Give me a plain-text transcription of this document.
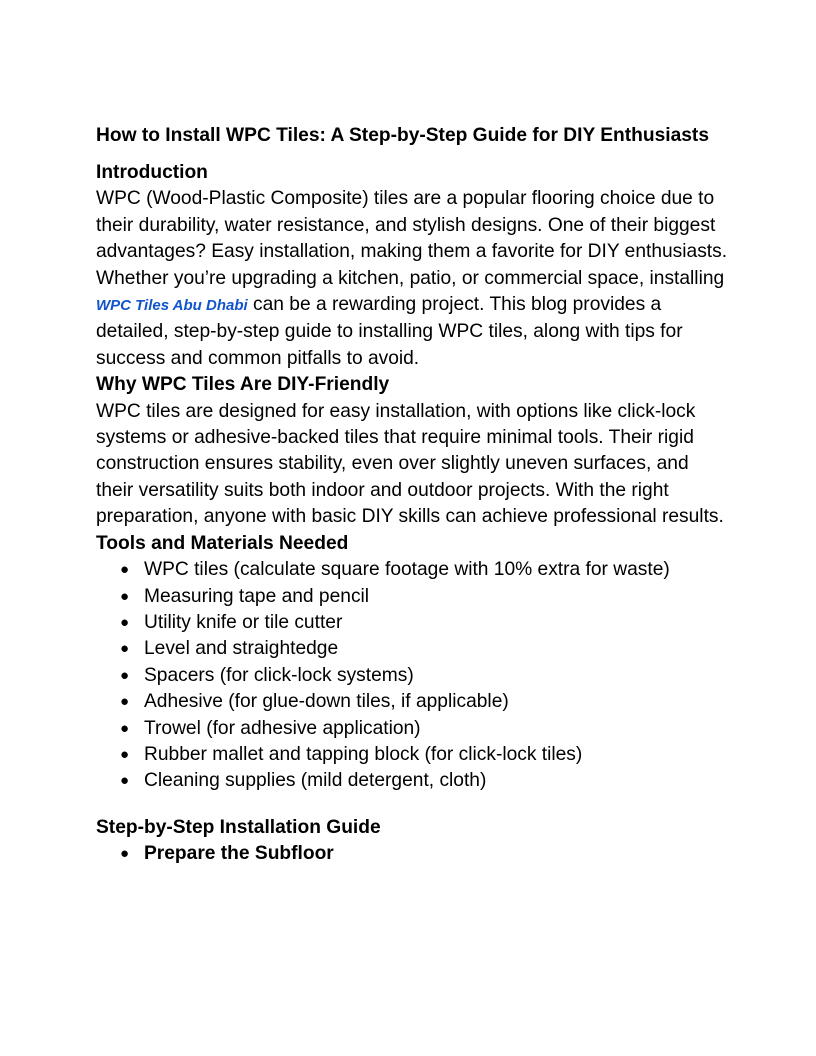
How to Install WPC Tiles: A Step-by-Step Guide for DIY Enthusiasts
Introduction

WPC (Wood-Plastic Composite) tiles are a popular flooring choice due to their durability, water resistance, and stylish designs. One of their biggest advantages? Easy installation, making them a favorite for DIY enthusiasts. Whether you’re upgrading a kitchen, patio, or commercial space, installing WPC Tiles Abu Dhabi can be a rewarding project. This blog provides a detailed, step-by-step guide to installing WPC tiles, along with tips for success and common pitfalls to avoid.

Why WPC Tiles Are DIY-Friendly

WPC tiles are designed for easy installation, with options like click-lock systems or adhesive-backed tiles that require minimal tools. Their rigid construction ensures stability, even over slightly uneven surfaces, and their versatility suits both indoor and outdoor projects. With the right preparation, anyone with basic DIY skills can achieve professional results.

Tools and Materials Needed
● WPC tiles (calculate square footage with 10% extra for waste)
● Measuring tape and pencil
● Utility knife or tile cutter
● Level and straightedge
● Spacers (for click-lock systems)
● Adhesive (for glue-down tiles, if applicable)
● Trowel (for adhesive application)
● Rubber mallet and tapping block (for click-lock tiles)
● Cleaning supplies (mild detergent, cloth)
Step-by-Step Installation Guide
● Prepare the Subfloor
